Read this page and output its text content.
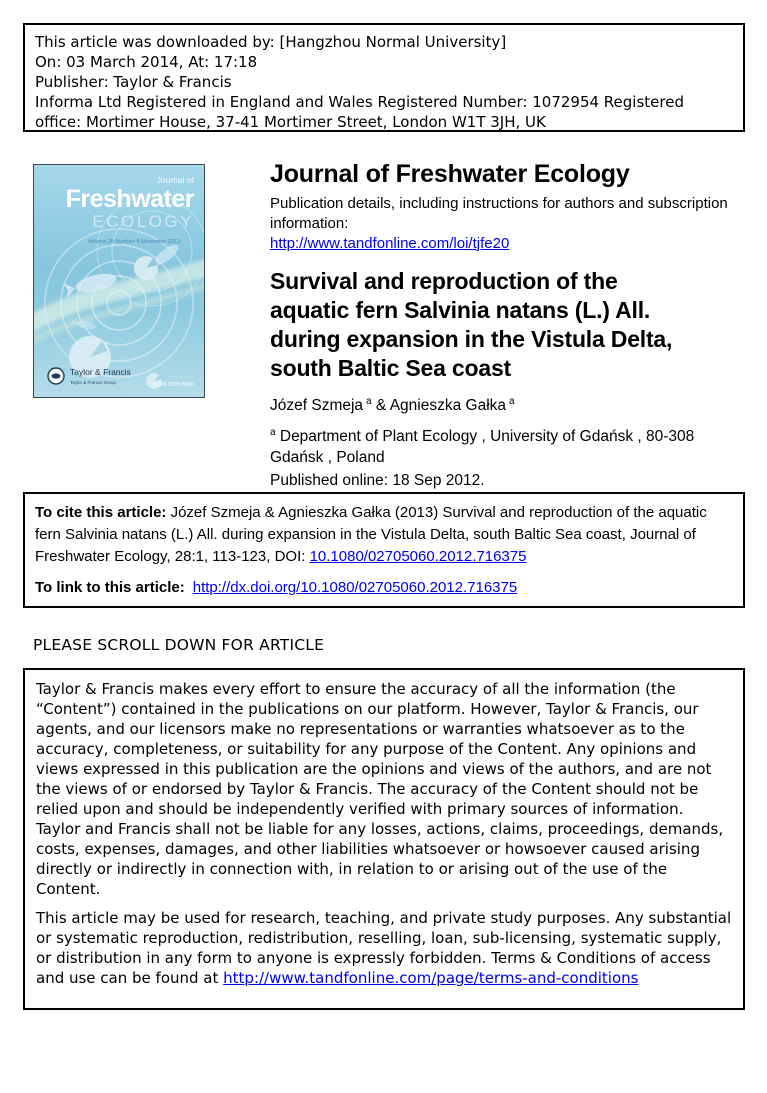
This article was downloaded by: [Hangzhou Normal University]
On: 03 March 2014, At: 17:18
Publisher: Taylor & Francis
Informa Ltd Registered in England and Wales Registered Number: 1072954 Registered office: Mortimer House, 37-41 Mortimer Street, London W1T 3JH, UK
Journal of
Freshwater
ECOLOGY
Volume 28 Number 4 November 2013
Taylor & Francis
Taylor & Francis Group	ISSN 0270-5060
Journal of Freshwater Ecology
Publication details, including instructions for authors and subscription information:
http://www.tandfonline.com/loi/tjfe20
Survival and reproduction of the
aquatic fern Salvinia natans (L.) All.
during expansion in the Vistula Delta,
south Baltic Sea coast
Józef Szmeja $^a$ & Agnieszka Gałka $^a$
$^a$ Department of Plant Ecology , University of Gdańsk , 80-308 Gdańsk , Poland
Published online: 18 Sep 2012.
To cite this article: Józef Szmeja & Agnieszka Gałka (2013) Survival and reproduction of the aquatic fern Salvinia natans (L.) All. during expansion in the Vistula Delta, south Baltic Sea coast, Journal of Freshwater Ecology, 28:1, 113-123, DOI: 10.1080/02705060.2012.716375
To link to this article: http://dx.doi.org/10.1080/02705060.2012.716375
PLEASE SCROLL DOWN FOR ARTICLE

Taylor & Francis makes every effort to ensure the accuracy of all the information (the “Content”) contained in the publications on our platform. However, Taylor & Francis, our agents, and our licensors make no representations or warranties whatsoever as to the accuracy, completeness, or suitability for any purpose of the Content. Any opinions and views expressed in this publication are the opinions and views of the authors, and are not the views of or endorsed by Taylor & Francis. The accuracy of the Content should not be relied upon and should be independently verified with primary sources of information. Taylor and Francis shall not be liable for any losses, actions, claims, proceedings, demands, costs, expenses, damages, and other liabilities whatsoever or howsoever caused arising directly or indirectly in connection with, in relation to or arising out of the use of the Content.

This article may be used for research, teaching, and private study purposes. Any substantial or systematic reproduction, redistribution, reselling, loan, sub-licensing, systematic supply, or distribution in any form to anyone is expressly forbidden. Terms & Conditions of access and use can be found at http://www.tandfonline.com/page/terms-and-conditions
